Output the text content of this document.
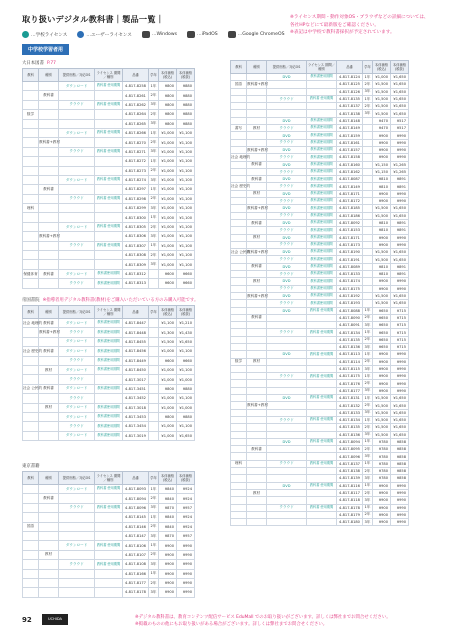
取り扱いデジタル教科書｜製品一覧｜
…学校ライセンス	…ユーザーライセンス	…Windows	…iPadOS	…Google ChromeOS
※ライセンス期間・動作対象OS・ブラウザなどの詳細については、
各社HPなどにて最新版をご確認ください。
※表記は中学校で教科書採択が予定されています。
中学校学習者用
大日本図書 P.77
教科	種別	提供形態／対応OS	ライセンス 期間／種別	品番	学年	本体価格 (税込)	本体価格 (税抜)
		ダウンロード	教科書 使用期間	4-817-8258	1年	¥800	¥880
	教科書			4-817-8261	2年	¥800	¥880
		クラウド	教科書 使用期間	4-817-8262	3年	¥800	¥880
数学				4-817-8264	2年	¥800	¥880
				4-817-8265	3年	¥800	¥880
		ダウンロード	教科書 使用期間	4-817-8266	1年	¥1,000	¥1,100
	教科書+教材			4-817-8270	2年	¥1,000	¥1,100
		クラウド	教科書 使用期間	4-817-8271	3年	¥1,000	¥1,100
				4-817-8272	1年	¥1,000	¥1,100
				4-817-8273	2年	¥1,000	¥1,100
		ダウンロード	教科書 使用期間	4-817-8274	3年	¥1,000	¥1,100
	教科書			4-817-8297	1年	¥1,000	¥1,100
		クラウド	教科書 使用期間	4-817-8298	2年	¥1,000	¥1,100
理科				4-817-8299	3年	¥1,000	¥1,100
				4-817-8300	1年	¥1,000	¥1,100
		ダウンロード	教科書 使用期間	4-817-8305	2年	¥1,000	¥1,100
	教科書+教材			4-817-8306	3年	¥1,000	¥1,100
		クラウド	教科書 使用期間	4-817-8307	1年	¥1,000	¥1,100
				4-817-8308	2年	¥1,000	¥1,100
				4-817-8309	3年	¥1,000	¥1,100
保健体育	教科書	ダウンロード	教科書使用期間	4-817-8312		¥600	¥660
		クラウド	教科書使用期間	4-817-8313		¥600	¥660
帝国書院 ※指導者用デジタル教科書(教材)をご購入いただいている方のみ購入可能です。
教科	種別	提供形態／対応OS	ライセンス 期間／種別	品番	学年	本体価格 (税込)	本体価格 (税抜)
社会 地理的	教科書	ダウンロード	教科書使用期間	4-817-8447		¥1,100	¥1,210
	教科書+教材	クラウド	教科書使用期間	4-817-8448		¥1,300	¥1,430
		ダウンロード	教科書使用期間	4-817-8455		¥1,500	¥1,650
社会 歴史的	教科書	ダウンロード	教科書使用期間	4-817-8456		¥1,000	¥1,100
		クラウド	教科書使用期間	4-817-8449		¥600	¥660
	教材	ダウンロード	教科書使用期間	4-817-8450		¥1,000	¥1,100
		クラウド		4-817-3017		¥1,000	¥1,000
社会 公民的	教科書	ダウンロード	教科書使用期間	4-817-3451		¥800	¥880
		クラウド		4-817-3452		¥1,000	¥1,100
	教材	ダウンロード	教科書使用期間	4-817-3018		¥1,000	¥1,000
		ダウンロード	教科書使用期間	4-817-3453		¥800	¥880
		クラウド	教科書使用期間	4-817-3454		¥1,000	¥1,100
		ダウンロード	教科書使用期間	4-817-3019		¥1,000	¥1,650
東京書籍
教科	種別	提供形態／対応OS	ライセンス 期間／種別	品番	学年	本体価格 (税込)	本体価格 (税抜)
		ダウンロード	教科書 使用期間	4-817-8093	1年	¥840	¥924
	教科書			4-817-8094	2年	¥840	¥924
		クラウド	教科書 使用期間	4-817-8096	3年	¥870	¥957
				4-817-8145	1年	¥840	¥924
国語				4-817-8146	2年	¥840	¥924
				4-817-8147	3年	¥870	¥957
		ダウンロード	教科書 使用期間	4-817-8106	1年	¥900	¥990
	教材			4-817-8107	2年	¥900	¥990
		クラウド	教科書 使用期間	4-817-8108	3年	¥900	¥990
				4-817-8166	1年	¥900	¥990
				4-817-8177	2年	¥900	¥990
				4-817-8178	3年	¥900	¥990
教科	種別	提供形態／対応OS	ライセンス 期間／種別	品番	学年	本体価格 (税込)	本体価格 (税抜)
		DVD	教科書使用期間	4-817-8124	1年	¥1,000	¥1,650
国語	教科書+教材			4-817-8125	2年	¥1,500	¥1,650
				4-817-8126	3年	¥1,500	¥1,650
		クラウド	教科書 使用期間	4-817-8135	1年	¥1,500	¥1,650
				4-817-8137	2年	¥1,500	¥1,650
				4-817-8138	3年	¥1,500	¥1,650
		DVD	教科書使用期間	4-817-8148		¥470	¥517
書写	教材	クラウド	教科書使用期間	4-817-8149		¥470	¥517
		DVD	教科書使用期間	4-817-8159		¥900	¥990
		クラウド	教科書使用期間	4-817-8161		¥900	¥990
	教科書+教材	DVD	教科書使用期間	4-817-8157		¥900	¥990
社会 地理的		クラウド	教科書使用期間	4-817-8158		¥900	¥990
	教科書	DVD	教科書使用期間	4-817-8160		¥1,150	¥1,265
		クラウド	教科書使用期間	4-817-8162		¥1,150	¥1,265
	教科書	DVD	教科書使用期間	4-817-8087		¥810	¥891
社会 歴史的		クラウド	教科書使用期間	4-817-8149		¥810	¥891
	教材	DVD	教科書使用期間	4-817-8171		¥900	¥990
		クラウド	教科書使用期間	4-817-8172		¥900	¥990
	教科書+教材	DVD	教科書使用期間	4-817-8185		¥1,500	¥1,650
		クラウド	教科書使用期間	4-817-8186		¥1,500	¥1,650
	教科書	DVD	教科書使用期間	4-817-8092		¥810	¥891
		クラウド	教科書使用期間	4-817-8153		¥810	¥891
	教材	DVD	教科書使用期間	4-817-8171		¥900	¥990
		クラウド	教科書使用期間	4-817-8173		¥900	¥990
社会 公民的	教科書+教材	DVD	教科書使用期間	4-817-8190		¥1,500	¥1,650
		クラウド	教科書使用期間	4-817-8191		¥1,500	¥1,650
	教科書	DVD	教科書使用期間	4-817-8089		¥810	¥891
		クラウド	教科書使用期間	4-817-8133		¥810	¥891
	教材	DVD	教科書使用期間	4-817-8174		¥900	¥990
		クラウド	教科書使用期間	4-817-8175		¥900	¥990
	教科書+教材	DVD	教科書使用期間	4-817-8192		¥1,500	¥1,650
		クラウド	教科書使用期間	4-817-8193		¥1,500	¥1,650
		DVD	教科書 使用期間	4-817-8088	1年	¥650	¥715
	教科書			4-817-8090	2年	¥650	¥715
				4-817-8091	3年	¥650	¥715
		クラウド	教科書 使用期間	4-817-8134	1年	¥650	¥715
				4-817-8135	2年	¥650	¥715
				4-817-8136	3年	¥650	¥715
		DVD	教科書 使用期間	4-817-8113	1年	¥900	¥990
数学	教材			4-817-8114	2年	¥900	¥990
				4-817-8115	3年	¥900	¥990
		クラウド	教科書 使用期間	4-817-8175	1年	¥900	¥990
				4-817-8176	2年	¥900	¥990
				4-817-8177	3年	¥900	¥990
		DVD	教科書 使用期間	4-817-8131	1年	¥1,500	¥1,650
	教科書+教材			4-817-8132	2年	¥1,500	¥1,650
				4-817-8133	3年	¥1,500	¥1,650
		クラウド	教科書 使用期間	4-817-8134	1年	¥1,500	¥1,650
				4-817-8135	2年	¥1,500	¥1,650
				4-817-8136	3年	¥1,500	¥1,650
		DVD	教科書 使用期間	4-817-8094	1年	¥780	¥858
	教科書			4-817-8095	2年	¥780	¥858
				4-817-8096	3年	¥780	¥858
理科		クラウド	教科書 使用期間	4-817-8137	1年	¥780	¥858
				4-817-8138	2年	¥780	¥858
				4-817-8139	3年	¥780	¥858
		DVD	教科書 使用期間	4-817-8116	1年	¥900	¥990
	教材			4-817-8117	2年	¥900	¥990
				4-817-8118	3年	¥900	¥990
		クラウド	教科書 使用期間	4-817-8178	1年	¥900	¥990
				4-817-8179	2年	¥900	¥990
				4-817-8180	3年	¥900	¥990
92	UCHIDA	※デジタル教科書は、教育コンテンツ配信サービス EduMall でのお取り扱いがございます。詳しくは弊社までお問合せください。
※掲載のものの他にもお取り扱いがある場合がございます。詳しくは弊社までお問合せください。
